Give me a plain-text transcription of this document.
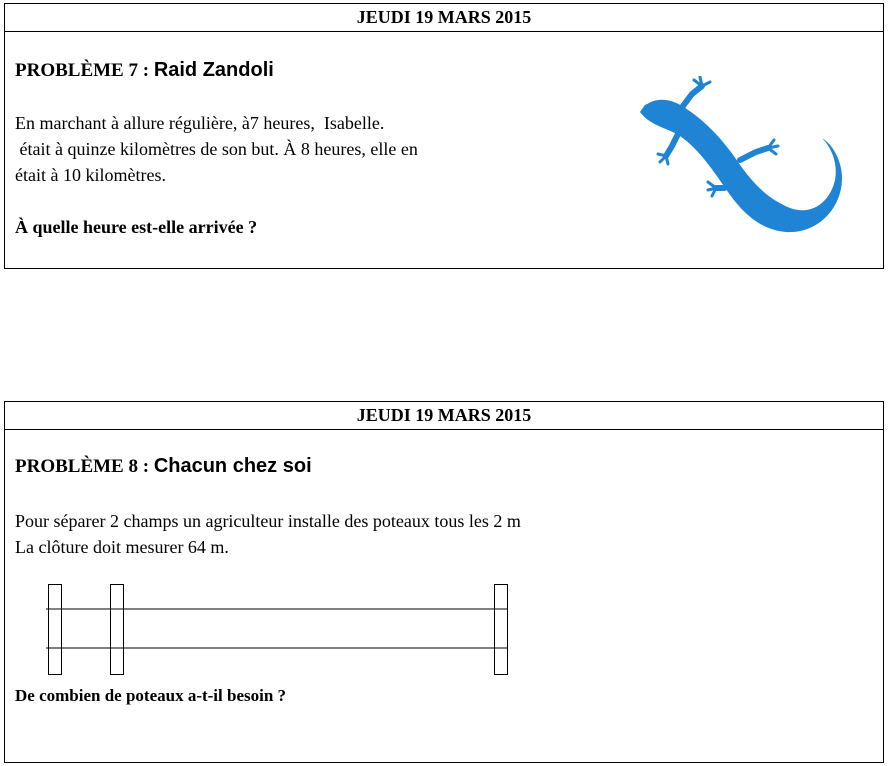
JEUDI 19 MARS 2015
PROBLÈME 7 : Raid Zandoli
En marchant à allure régulière, à7 heures,  Isabelle.
était à quinze kilomètres de son but. À 8 heures, elle en
était à 10 kilomètres.
À quelle heure est-elle arrivée ?
JEUDI 19 MARS 2015
PROBLÈME 8 : Chacun chez soi
Pour séparer 2 champs un agriculteur installe des poteaux tous les 2 m
La clôture doit mesurer 64 m.
De combien de poteaux a-t-il besoin ?
